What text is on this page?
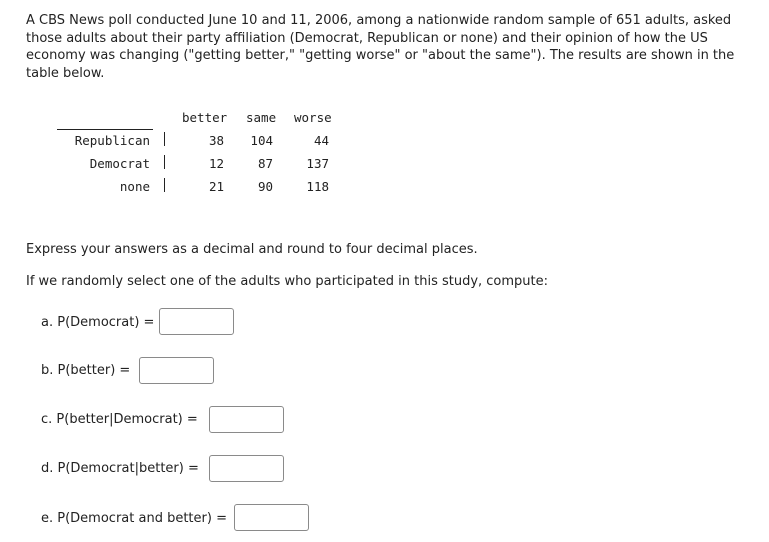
A CBS News poll conducted June 10 and 11, 2006, among a nationwide random sample of 651 adults, asked those adults about their party affiliation (Democrat, Republican or none) and their opinion of how the US economy was changing ("getting better," "getting worse" or "about the same"). The results are shown in the table below.

better same worse
Republican	38 104	44
Democrat	12	87	137
none	21	90	118

Express your answers as a decimal and round to four decimal places.

If we randomly select one of the adults who participated in this study, compute:

a. P(Democrat) =
b. P(better) =
c. P(better|Democrat) =
d. P(Democrat|better) =
e. P(Democrat and better) =
